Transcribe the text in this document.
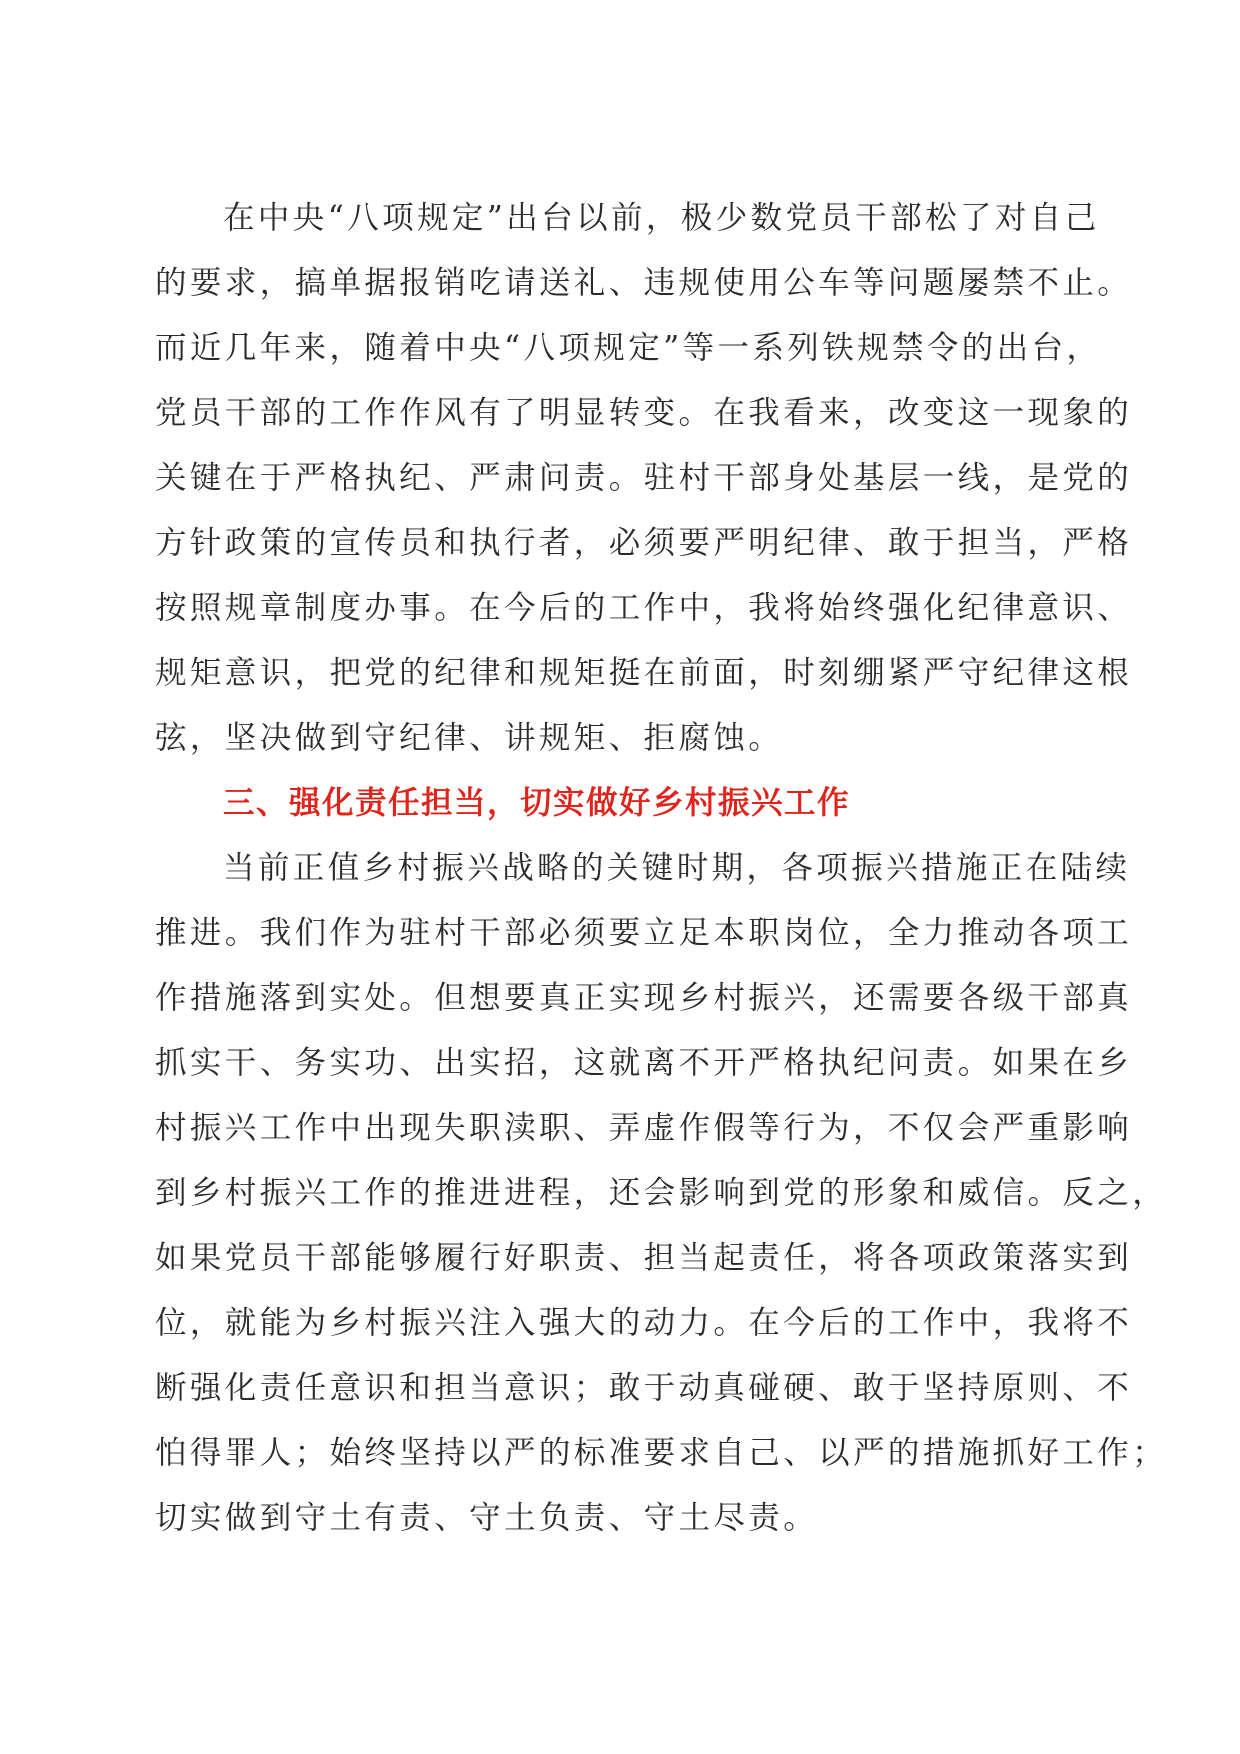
在中央“八项规定”出台以前，极少数党员干部松了对自己
的要求，搞单据报销吃请送礼、违规使用公车等问题屡禁不止。
而近几年来，随着中央“八项规定”等一系列铁规禁令的出台，
党员干部的工作作风有了明显转变。在我看来，改变这一现象的
关键在于严格执纪、严肃问责。驻村干部身处基层一线，是党的
方针政策的宣传员和执行者，必须要严明纪律、敢于担当，严格
按照规章制度办事。在今后的工作中，我将始终强化纪律意识、
规矩意识，把党的纪律和规矩挺在前面，时刻绷紧严守纪律这根
弦，坚决做到守纪律、讲规矩、拒腐蚀。
三、强化责任担当，切实做好乡村振兴工作
当前正值乡村振兴战略的关键时期，各项振兴措施正在陆续
推进。我们作为驻村干部必须要立足本职岗位，全力推动各项工
作措施落到实处。但想要真正实现乡村振兴，还需要各级干部真
抓实干、务实功、出实招，这就离不开严格执纪问责。如果在乡
村振兴工作中出现失职渎职、弄虚作假等行为，不仅会严重影响
到乡村振兴工作的推进进程，还会影响到党的形象和威信。反之，
如果党员干部能够履行好职责、担当起责任，将各项政策落实到
位，就能为乡村振兴注入强大的动力。在今后的工作中，我将不
断强化责任意识和担当意识；敢于动真碰硬、敢于坚持原则、不
怕得罪人；始终坚持以严的标准要求自己、以严的措施抓好工作；
切实做到守土有责、守土负责、守土尽责。
